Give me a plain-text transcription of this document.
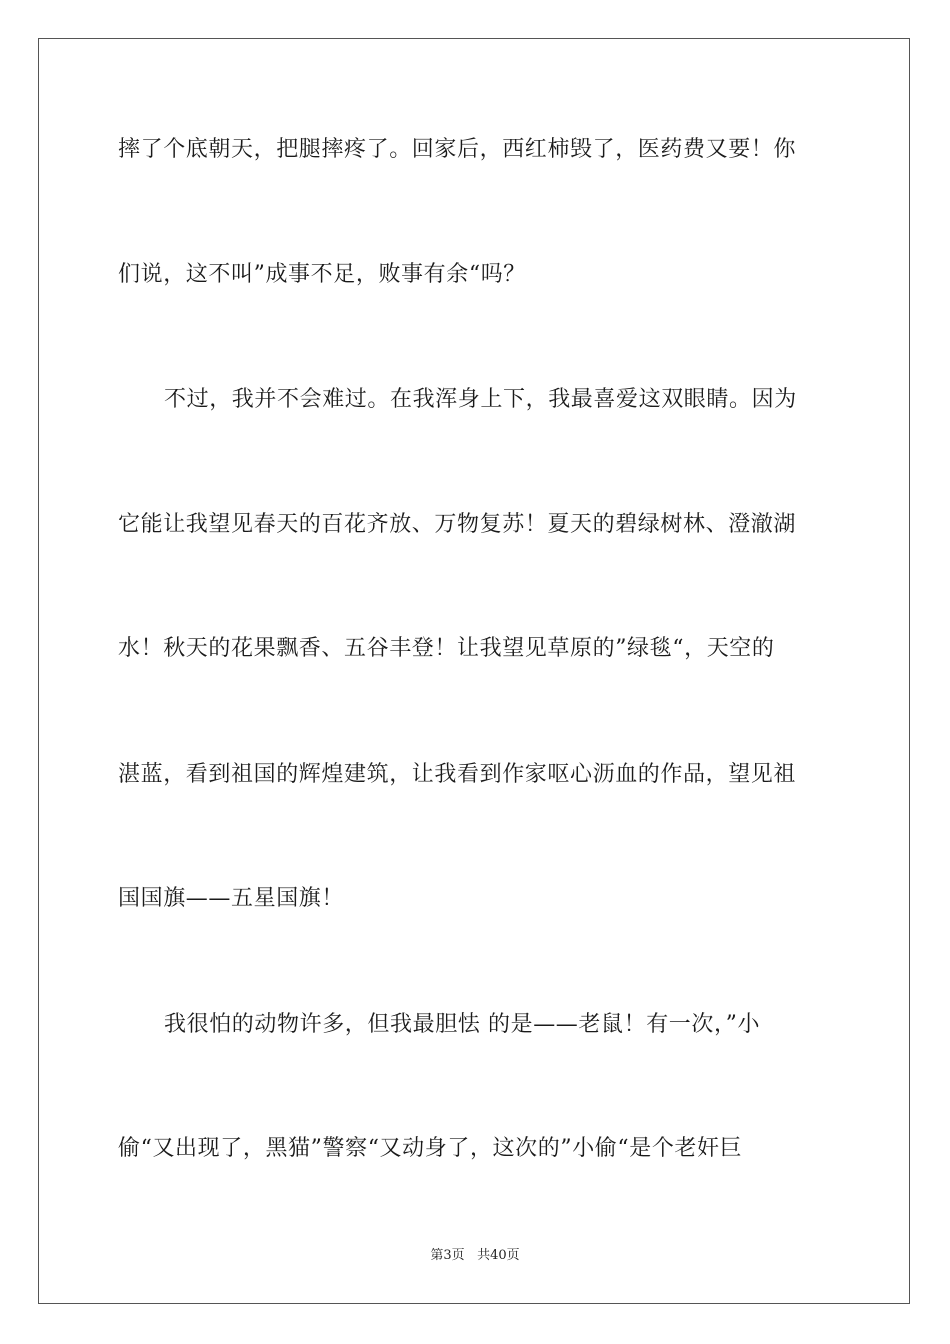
摔了个底朝天，把腿摔疼了。回家后，西红柿毁了，医药费又要！你
们说，这不叫”成事不足，败事有余“吗？
不过，我并不会难过。在我浑身上下，我最喜爱这双眼睛。因为
它能让我望见春天的百花齐放、万物复苏！夏天的碧绿树林、澄澈湖
水！秋天的花果飘香、五谷丰登！让我望见草原的”绿毯“，天空的
湛蓝，看到祖国的辉煌建筑，让我看到作家呕心沥血的作品，望见祖
国国旗——五星国旗！
我很怕的动物许多，但我最胆怯 的是——老鼠！有一次，”小
偷“又出现了，黑猫”警察“又动身了，这次的”小偷“是个老奸巨
第3页 共40页
